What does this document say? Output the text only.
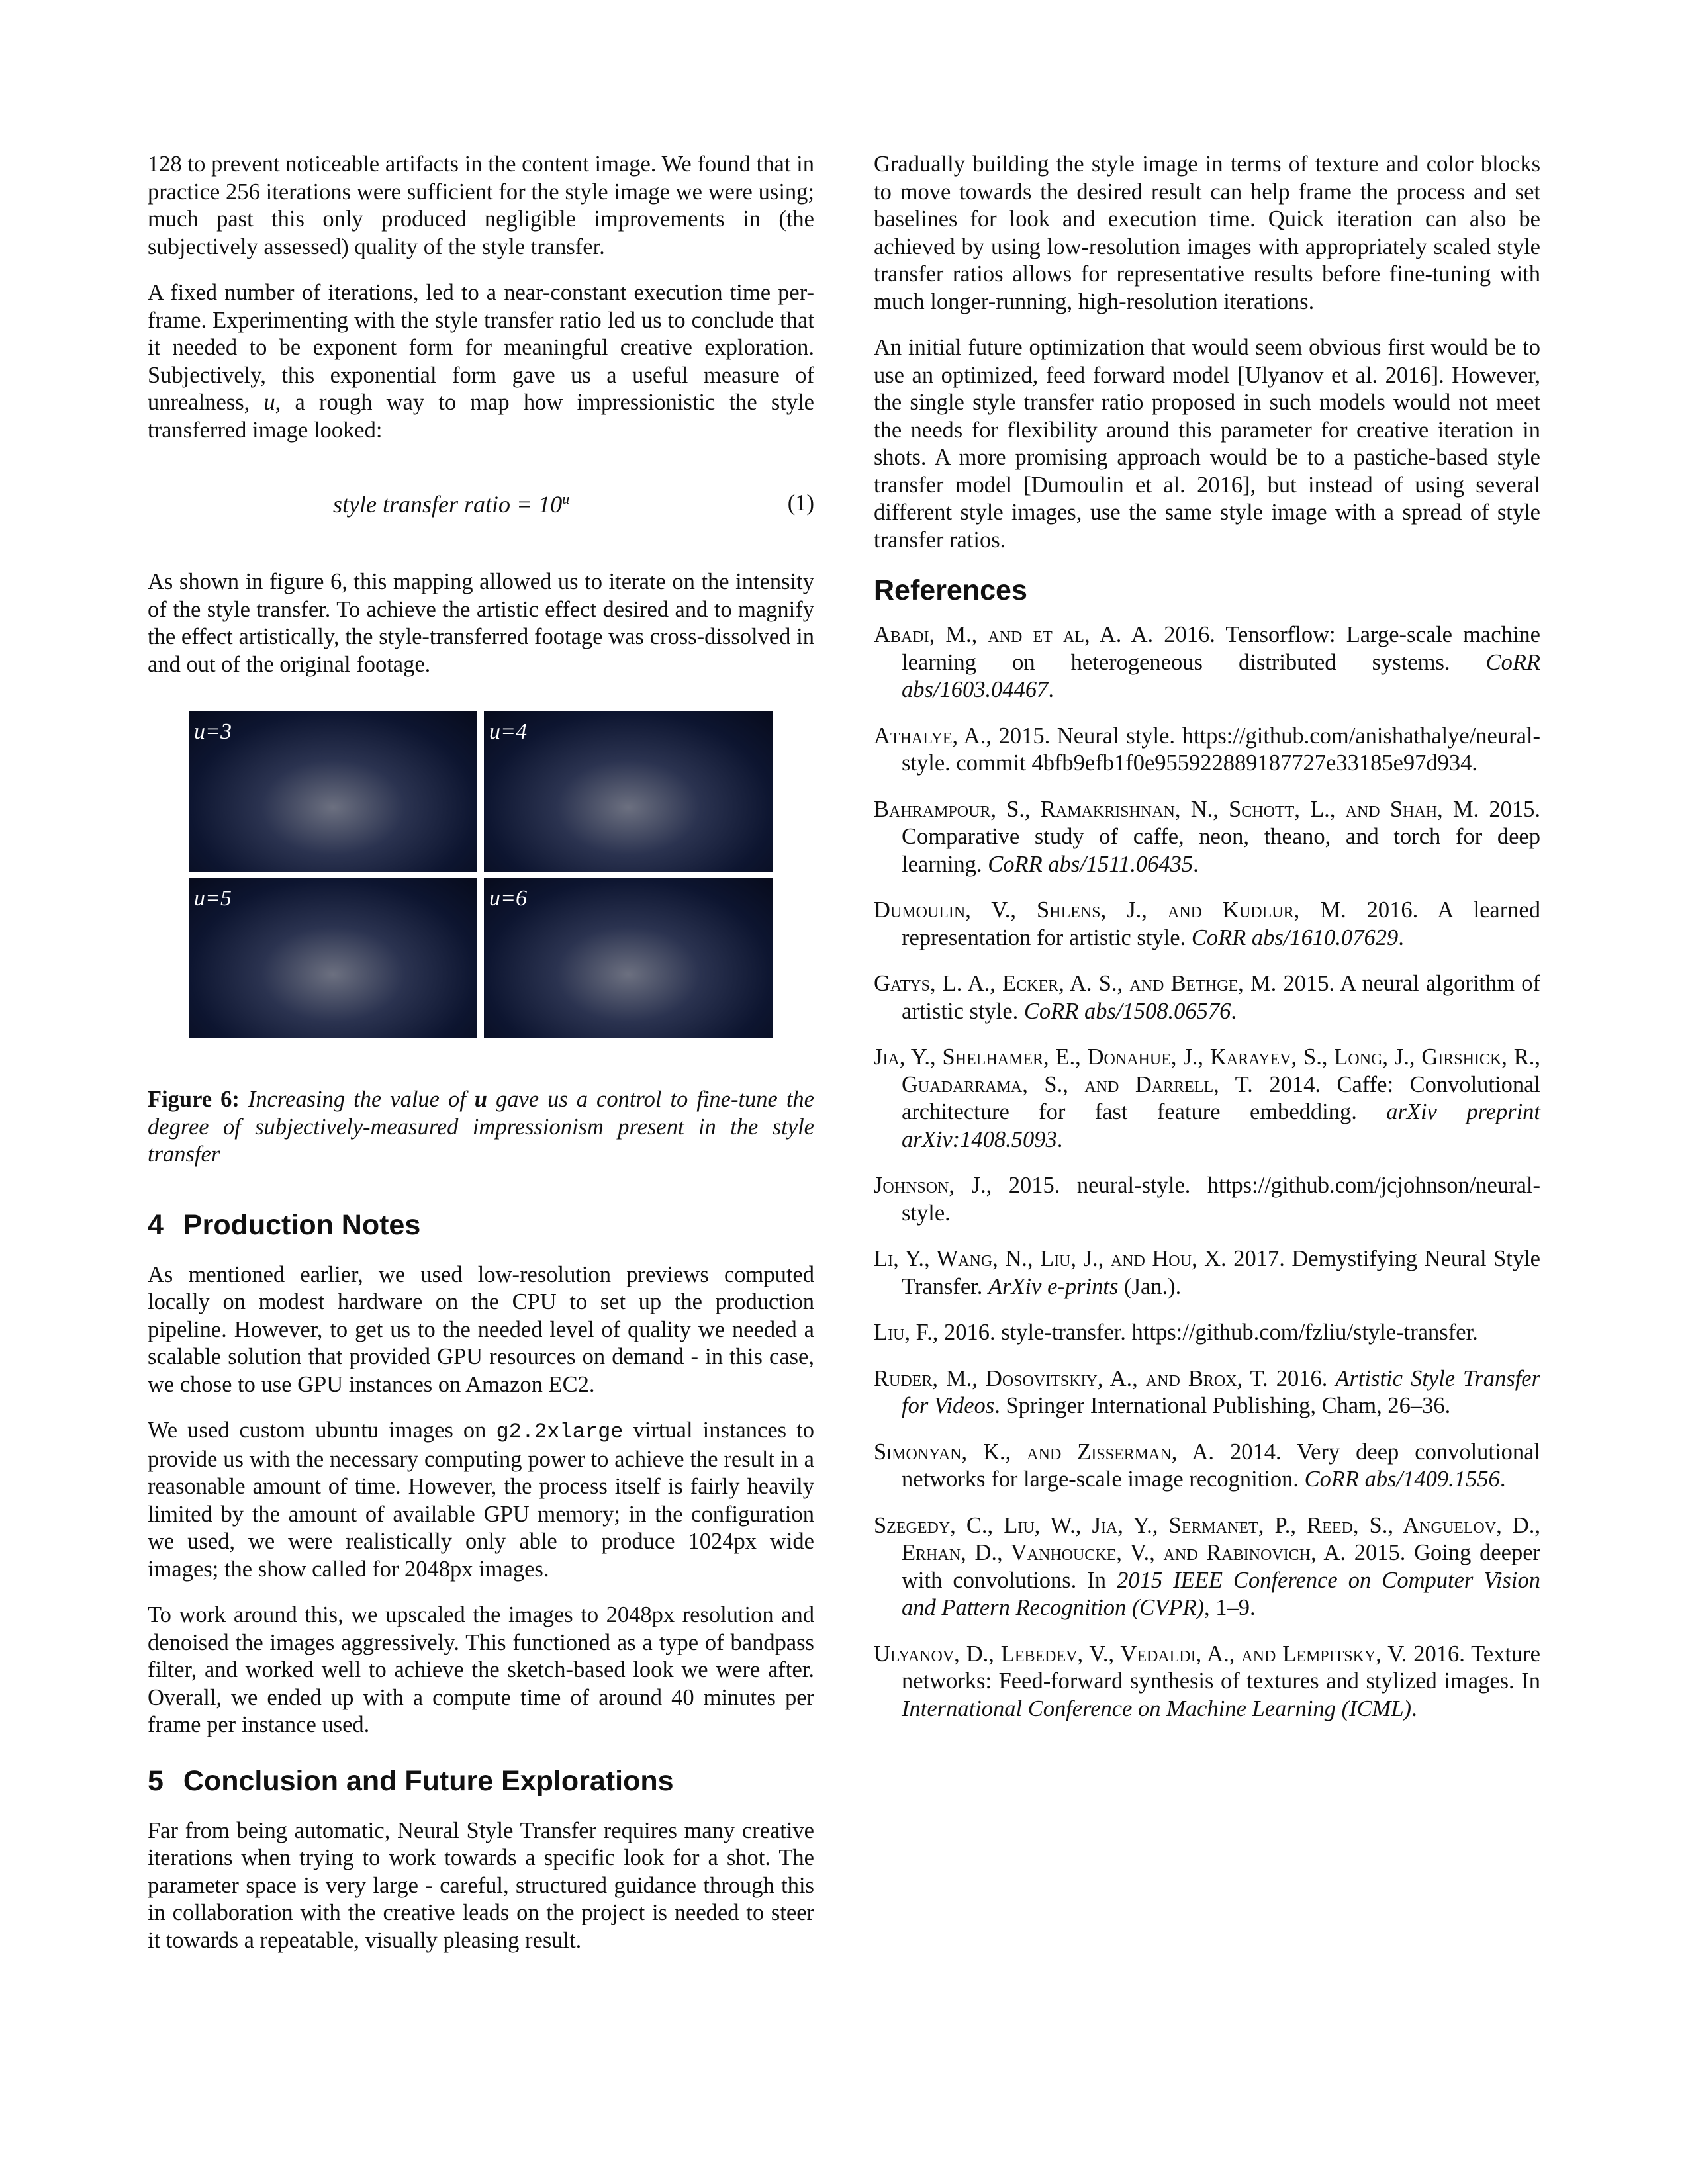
128 to prevent noticeable artifacts in the content image. We found that in practice 256 iterations were sufficient for the style image we were using; much past this only produced negligible improvements in (the subjectively assessed) quality of the style transfer.

A fixed number of iterations, led to a near-constant execution time per-frame. Experimenting with the style transfer ratio led us to conclude that it needed to be exponent form for meaningful creative exploration. Subjectively, this exponential form gave us a useful measure of unrealness, u, a rough way to map how impressionistic the style transferred image looked:

style transfer ratio = $10^u$	(1)

As shown in figure 6, this mapping allowed us to iterate on the intensity of the style transfer. To achieve the artistic effect desired and to magnify the effect artistically, the style-transferred footage was cross-dissolved in and out of the original footage.

u=3	u=4
u=5	u=6
Figure 6: Increasing the value of u gave us a control to fine-tune the degree of subjectively-measured impressionism present in the style transfer
4 Production Notes

As mentioned earlier, we used low-resolution previews computed locally on modest hardware on the CPU to set up the production pipeline. However, to get us to the needed level of quality we needed a scalable solution that provided GPU resources on demand - in this case, we chose to use GPU instances on Amazon EC2.

We used custom ubuntu images on g2.2xlarge virtual instances to provide us with the necessary computing power to achieve the result in a reasonable amount of time. However, the process itself is fairly heavily limited by the amount of available GPU memory; in the configuration we used, we were realistically only able to produce 1024px wide images; the show called for 2048px images.

To work around this, we upscaled the images to 2048px resolution and denoised the images aggressively. This functioned as a type of bandpass filter, and worked well to achieve the sketch-based look we were after. Overall, we ended up with a compute time of around 40 minutes per frame per instance used.

5 Conclusion and Future Explorations

Far from being automatic, Neural Style Transfer requires many creative iterations when trying to work towards a specific look for a shot. The parameter space is very large - careful, structured guidance through this in collaboration with the creative leads on the project is needed to steer it towards a repeatable, visually pleasing result.

Gradually building the style image in terms of texture and color blocks to move towards the desired result can help frame the process and set baselines for look and execution time. Quick iteration can also be achieved by using low-resolution images with appropriately scaled style transfer ratios allows for representative results before fine-tuning with much longer-running, high-resolution iterations.

An initial future optimization that would seem obvious first would be to use an optimized, feed forward model [Ulyanov et al. 2016]. However, the single style transfer ratio proposed in such models would not meet the needs for flexibility around this parameter for creative iteration in shots. A more promising approach would be to a pastiche-based style transfer model [Dumoulin et al. 2016], but instead of using several different style images, use the same style image with a spread of style transfer ratios.

References
Abadi, M., and et al, A. A. 2016. Tensorflow: Large-scale machine learning on heterogeneous distributed systems. CoRR abs/1603.04467.
Athalye, A., 2015. Neural style. https://github.com/anishathalye/neural-style. commit 4bfb9efb1f0e955922889187727e33185e97d934.
Bahrampour, S., Ramakrishnan, N., Schott, L., and Shah, M. 2015. Comparative study of caffe, neon, theano, and torch for deep learning. CoRR abs/1511.06435.
Dumoulin, V., Shlens, J., and Kudlur, M. 2016. A learned representation for artistic style. CoRR abs/1610.07629.
Gatys, L. A., Ecker, A. S., and Bethge, M. 2015. A neural algorithm of artistic style. CoRR abs/1508.06576.
Jia, Y., Shelhamer, E., Donahue, J., Karayev, S., Long, J., Girshick, R., Guadarrama, S., and Darrell, T. 2014. Caffe: Convolutional architecture for fast feature embedding. arXiv preprint arXiv:1408.5093.
Johnson, J., 2015. neural-style. https://github.com/jcjohnson/neural-style.
Li, Y., Wang, N., Liu, J., and Hou, X. 2017. Demystifying Neural Style Transfer. ArXiv e-prints (Jan.).
Liu, F., 2016. style-transfer. https://github.com/fzliu/style-transfer.
Ruder, M., Dosovitskiy, A., and Brox, T. 2016. Artistic Style Transfer for Videos. Springer International Publishing, Cham, 26–36.
Simonyan, K., and Zisserman, A. 2014. Very deep convolutional networks for large-scale image recognition. CoRR abs/1409.1556.
Szegedy, C., Liu, W., Jia, Y., Sermanet, P., Reed, S., Anguelov, D., Erhan, D., Vanhoucke, V., and Rabinovich, A. 2015. Going deeper with convolutions. In 2015 IEEE Conference on Computer Vision and Pattern Recognition (CVPR), 1–9.
Ulyanov, D., Lebedev, V., Vedaldi, A., and Lempitsky, V. 2016. Texture networks: Feed-forward synthesis of textures and stylized images. In International Conference on Machine Learning (ICML).
